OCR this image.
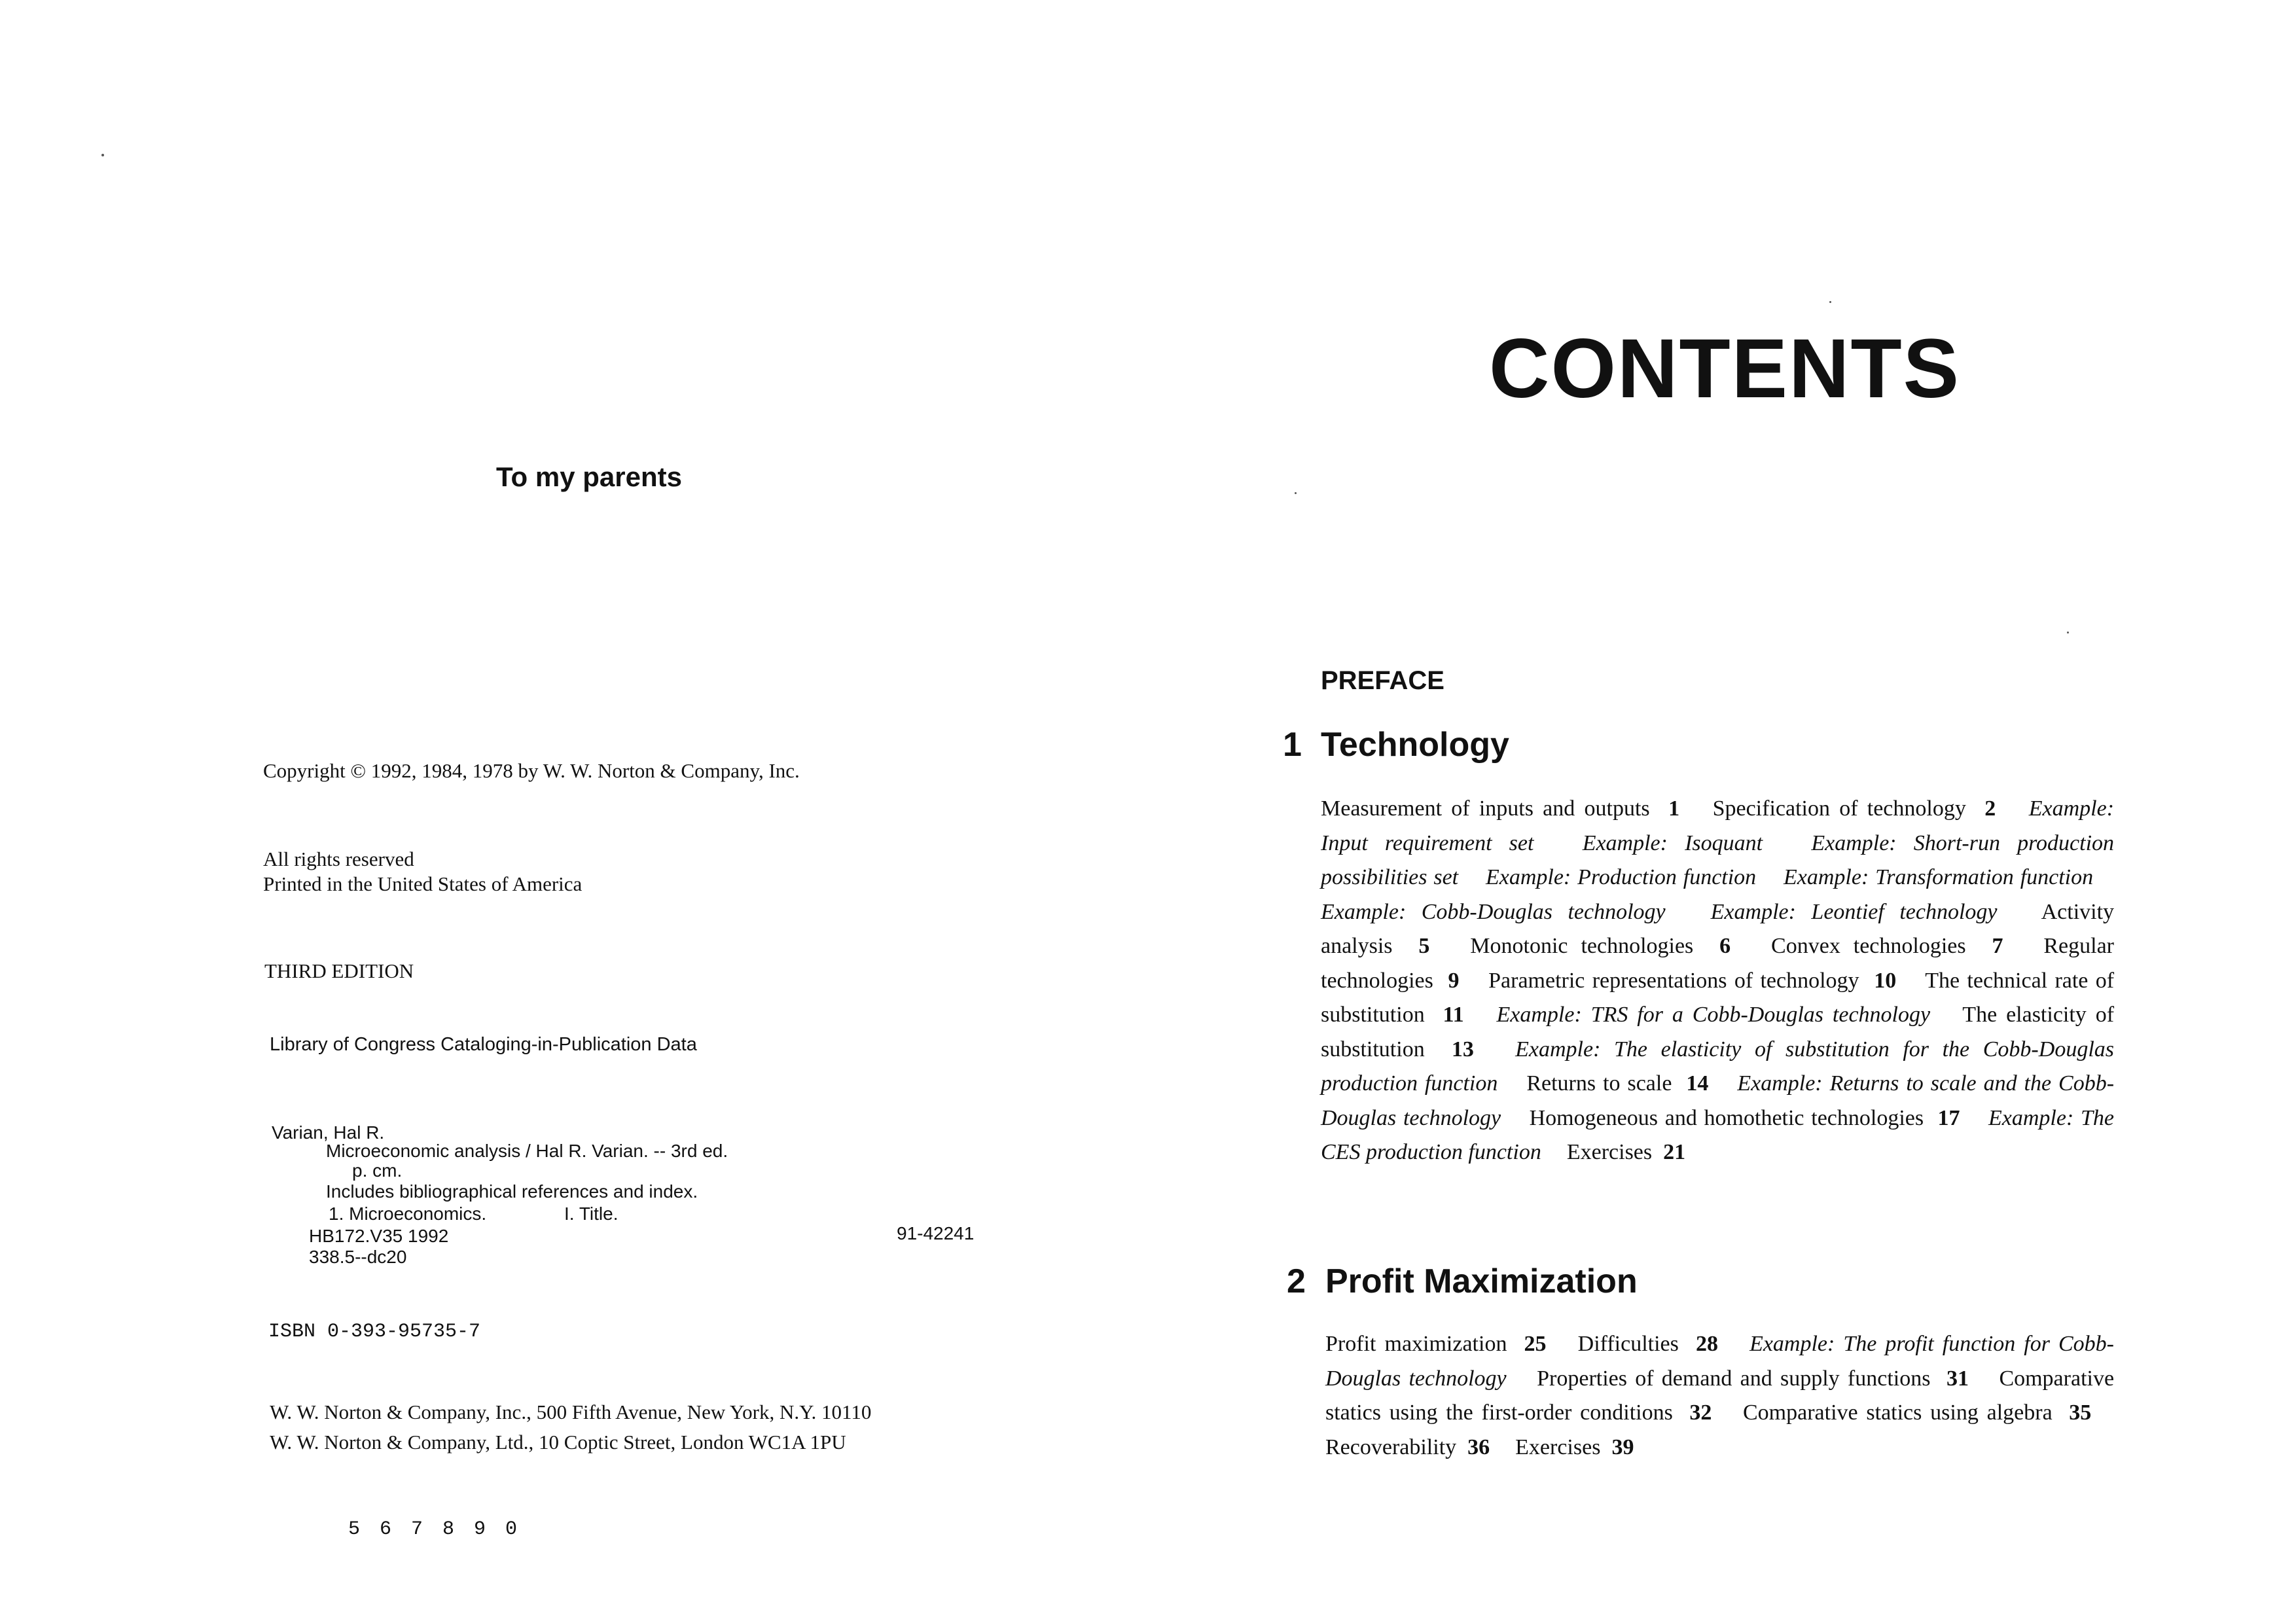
To my parents
Copyright © 1992, 1984, 1978 by W. W. Norton & Company, Inc.
All rights reserved
Printed in the United States of America
THIRD EDITION
Library of Congress Cataloging-in-Publication Data
Varian, Hal R.
Microeconomic analysis / Hal R. Varian. -- 3rd ed.
p. cm.
Includes bibliographical references and index.
1. Microeconomics.	I. Title.
HB172.V35 1992	91-42241
338.5--dc20
ISBN 0-393-95735-7
W. W. Norton & Company, Inc., 500 Fifth Avenue, New York, N.Y. 10110
W. W. Norton & Company, Ltd., 10 Coptic Street, London WC1A 1PU
5 6 7 8 9 0
CONTENTS
PREFACE
1 Technology
Measurement of inputs and outputs 1 Specification of technology 2 Example: Input requirement set Example: Isoquant Example: Short-run production possibilities set Example: Production function Example: Transformation function  Example: Cobb-Douglas technology Example: Leontief technology Activity analysis 5 Monotonic technologies 6 Convex technologies 7 Regular technologies 9 Parametric representations of technology 10 The technical rate of substitution 11 Example: TRS for a Cobb-Douglas technology The elasticity of substitution 13 Example: The elasticity of substitution for the Cobb-Douglas production function Returns to scale 14 Example: Returns to scale and the Cobb-Douglas technology Homogeneous and homothetic technologies 17 Example: The CES production function Exercises 21
2 Profit Maximization
Profit maximization 25 Difficulties 28 Example: The profit function for Cobb-Douglas technology Properties of demand and supply functions 31 Comparative statics using the first-order conditions 32 Comparative statics using algebra 35  Recoverability 36 Exercises 39
